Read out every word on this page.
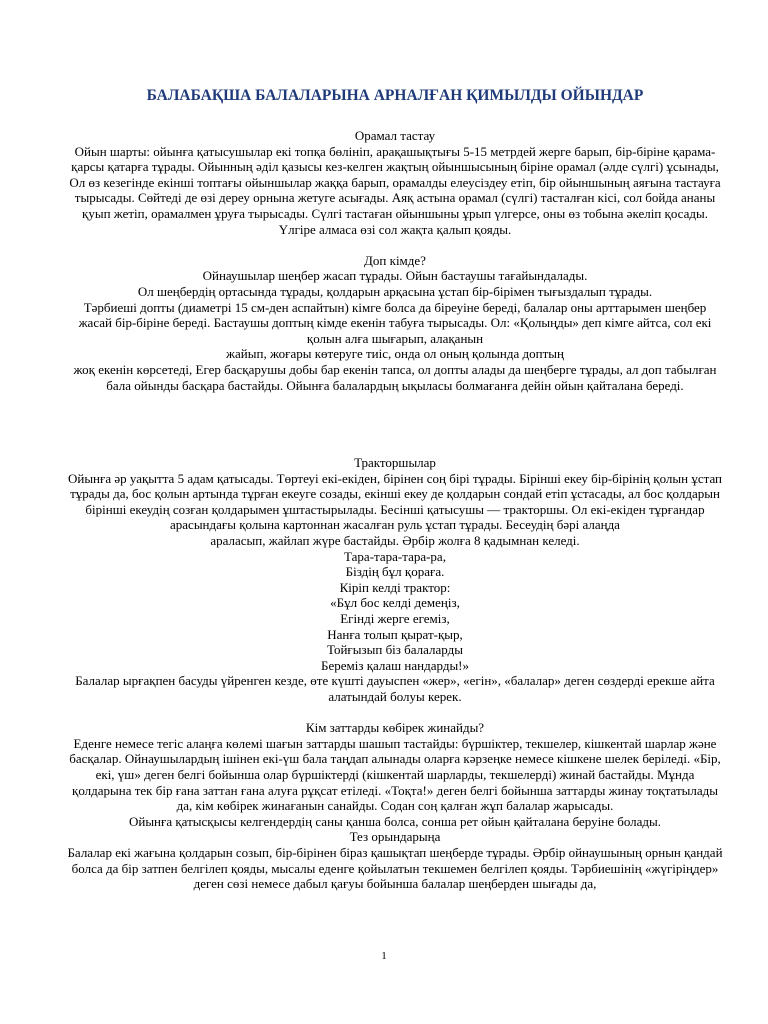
БАЛАБАҚША БАЛАЛАРЫНА АРНАЛҒАН ҚИМЫЛДЫ ОЙЫНДАР

Орамал тастау

Ойын шарты: ойынға қатысушылар екі топқа бөлініп, арақашықтығы 5-15 метрдей жерге барып, бір-біріне қарама-қарсы қатарға тұрады. Ойынның әділ қазысы кез-келген жақтың ойыншысының біріне орамал (әлде сүлгі) ұсынады, Ол өз кезегінде екінші топтағы ойыншылар жаққа барып, орамалды елеусіздеу етіп, бір ойыншының аяғына тастауға тырысады. Сөйтеді де өзі дереу орнына жетуге асығады. Аяқ астына орамал (сүлгі) тасталған кісі, сол бойда ананы қуып жетіп, орамалмен ұруға тырысады. Сүлгі тастаған ойыншыны ұрып үлгерсе, оны өз тобына әкеліп қосады. Үлгіре алмаса өзі сол жақта қалып қояды.

Доп кімде?

Ойнаушылар шеңбер жасап тұрады. Ойын бастаушы тағайындалады.
Ол шеңбердің ортасында тұрады, қолдарын арқасына ұстап бір-бірімен тығыздалып тұрады.
Тәрбиеші допты (диаметрі 15 см-ден аспайтын) кімге болса да біреуіне береді, балалар оны арттарымен шеңбер жасай бір-біріне береді. Бастаушы доптың кімде екенін табуға тырысады. Ол: «Қолыңды» деп кімге айтса, сол екі қолын алға шығарып, алақанын
жайып, жоғары көтеруге тиіс, онда ол оның қолында доптың
жоқ екенін көрсетеді, Егер басқарушы добы бар екенін тапса, ол допты алады да шеңберге тұрады, ал доп табылған бала ойынды басқара бастайды. Ойынға балалардың ықыласы болмағанға дейін ойын қайталана береді.

Тракторшылар

Ойынға әр уақытта 5 адам қатысады. Төртеуі екі-екіден, бірінен соң бірі тұрады. Бірінші екеу бір-бірінің қолын ұстап тұрады да, бос қолын артында тұрған екеуге созады, екінші екеу де қолдарын сондай етіп ұстасады, ал бос қолдарын бірінші екеудің созған қолдарымен ұштастырылады. Бесінші қатысушы — тракторшы. Ол екі-екіден тұрғандар арасындағы қолына картоннан жасалған руль ұстап тұрады. Бесеудің бәрі алаңда

араласып, жайлап жүре бастайды. Әрбір жолға 8 қадымнан келеді.

Тара-тара-тара-ра,
Біздің бұл қораға.
Кіріп келді трактор:
«Бұл бос келді демеңіз,
Егінді жерге егеміз,
Нанға толып қырат-қыр,
Тойғызып біз балаларды
Береміз қалаш нандарды!»

Балалар ырғақпен басуды үйренген кезде, өте күшті дауыспен «жер», «егін», «балалар» деген сөздерді ерекше айта алатындай болуы керек.

Кім заттарды көбірек жинайды?

Еденге немесе тегіс алаңға көлемі шағын заттарды шашып тастайды: бүршіктер, текшелер, кішкентай шарлар және басқалар. Ойнаушылардың ішінен екі-үш бала таңдап алынады оларға кәрзеңке немесе кішкене шелек беріледі. «Бір, екі, үш» деген белгі бойынша олар бүршіктерді (кішкентай шарларды, текшелерді) жинай бастайды. Мұнда қолдарына тек бір ғана заттан ғана алуға рұқсат етіледі. «Тоқта!» деген белгі бойынша заттарды жинау тоқтатылады да, кім көбірек жинағанын санайды. Содан соң қалған жұп балалар жарысады.

Ойынға қатысқысы келгендердің саны қанша болса, сонша рет ойын қайталана беруіне болады.

Тез орындарыңа

Балалар екі жағына қолдарын созып, бір-бірінен біраз қашықтап шеңберде тұрады. Әрбір ойнаушының орнын қандай болса да бір затпен белгілеп қояды, мысалы еденге қойылатын текшемен белгілеп қояды. Тәрбиешінің «жүгіріңдер» деген сөзі немесе дабыл қағуы бойынша балалар шеңберден шығады да,

1
